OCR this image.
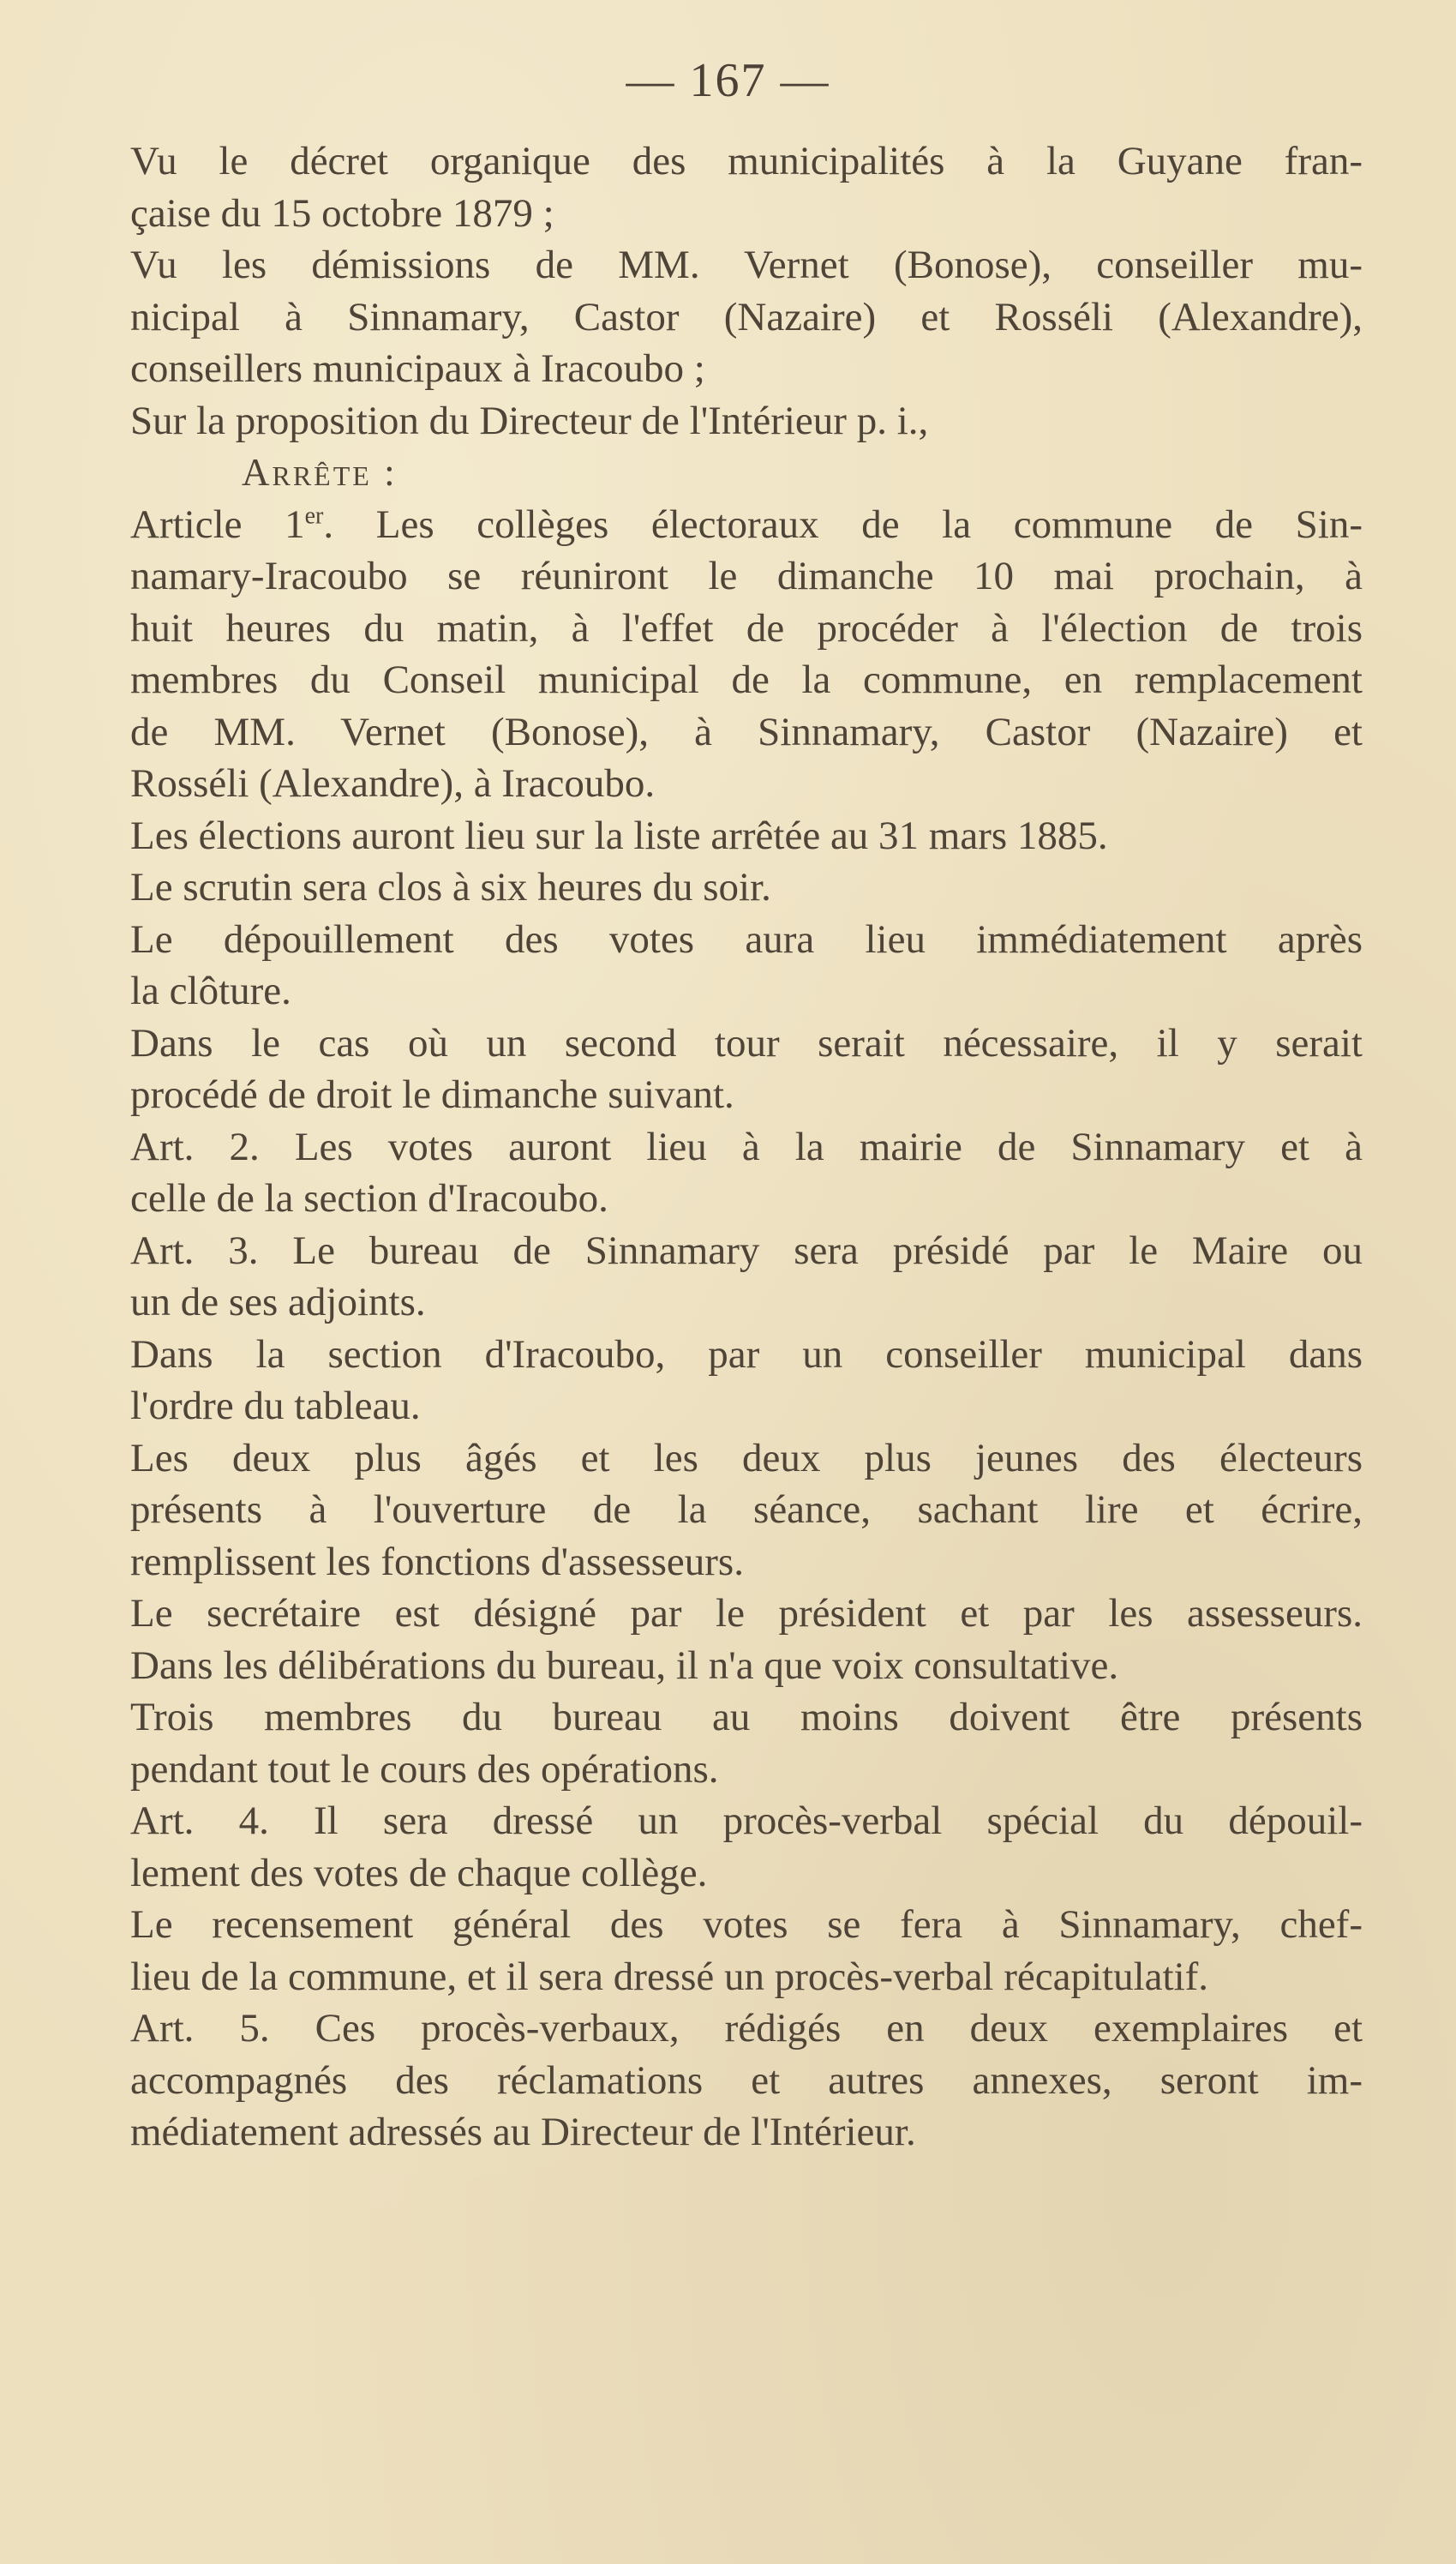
— 167 —
Vu le décret organique des municipalités à la Guyane fran-
çaise du 15 octobre 1879 ;
Vu les démissions de MM. Vernet (Bonose), conseiller mu-
nicipal à Sinnamary, Castor (Nazaire) et Rosséli (Alexandre),
conseillers municipaux à Iracoubo ;
Sur la proposition du Directeur de l'Intérieur p. i.,
Arrête :
Article 1er. Les collèges électoraux de la commune de Sin-
namary-Iracoubo se réuniront le dimanche 10 mai prochain, à
huit heures du matin, à l'effet de procéder à l'élection de trois
membres du Conseil municipal de la commune, en remplacement
de MM. Vernet (Bonose), à Sinnamary, Castor (Nazaire) et
Rosséli (Alexandre), à Iracoubo.
Les élections auront lieu sur la liste arrêtée au 31 mars 1885.
Le scrutin sera clos à six heures du soir.
Le dépouillement des votes aura lieu immédiatement après
la clôture.
Dans le cas où un second tour serait nécessaire, il y serait
procédé de droit le dimanche suivant.
Art. 2. Les votes auront lieu à la mairie de Sinnamary et à
celle de la section d'Iracoubo.
Art. 3. Le bureau de Sinnamary sera présidé par le Maire ou
un de ses adjoints.
Dans la section d'Iracoubo, par un conseiller municipal dans
l'ordre du tableau.
Les deux plus âgés et les deux plus jeunes des électeurs
présents à l'ouverture de la séance, sachant lire et écrire,
remplissent les fonctions d'assesseurs.
Le secrétaire est désigné par le président et par les assesseurs.
Dans les délibérations du bureau, il n'a que voix consultative.
Trois membres du bureau au moins doivent être présents
pendant tout le cours des opérations.
Art. 4. Il sera dressé un procès-verbal spécial du dépouil-
lement des votes de chaque collège.
Le recensement général des votes se fera à Sinnamary, chef-
lieu de la commune, et il sera dressé un procès-verbal récapitulatif.
Art. 5. Ces procès-verbaux, rédigés en deux exemplaires et
accompagnés des réclamations et autres annexes, seront im-
médiatement adressés au Directeur de l'Intérieur.
